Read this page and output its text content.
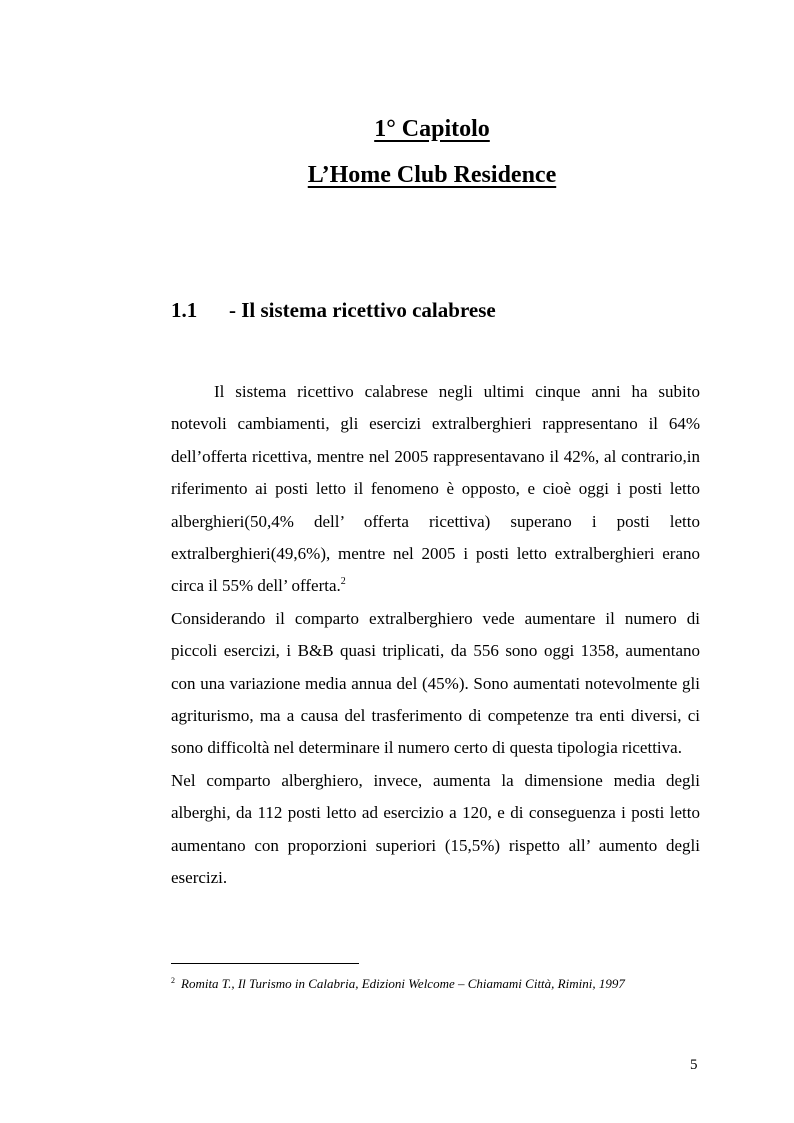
1° Capitolo
L’Home Club Residence
1.1 - Il sistema ricettivo calabrese

Il sistema ricettivo calabrese negli ultimi cinque anni ha subito notevoli cambiamenti, gli esercizi extralberghieri rappresentano il 64% dell’offerta ricettiva, mentre nel 2005 rappresentavano il 42%, al contrario,in riferimento ai posti letto il fenomeno è opposto, e cioè oggi i posti letto alberghieri(50,4% dell’ offerta ricettiva) superano i posti letto extralberghieri(49,6%), mentre nel 2005 i posti letto extralberghieri erano circa il 55% dell’ offerta.$^2$

Considerando il comparto extralberghiero vede aumentare il numero di piccoli esercizi, i B&B quasi triplicati, da 556 sono oggi 1358, aumentano con una variazione media annua del (45%). Sono aumentati notevolmente gli agriturismo, ma a causa del trasferimento di competenze tra enti diversi, ci sono difficoltà nel determinare il numero certo di questa tipologia ricettiva.

Nel comparto alberghiero, invece, aumenta la dimensione media degli alberghi, da 112 posti letto ad esercizio a 120, e di conseguenza i posti letto aumentano con proporzioni superiori (15,5%) rispetto all’ aumento degli esercizi.

$^2$ Romita T., Il Turismo in Calabria, Edizioni Welcome – Chiamami Città, Rimini, 1997
5
